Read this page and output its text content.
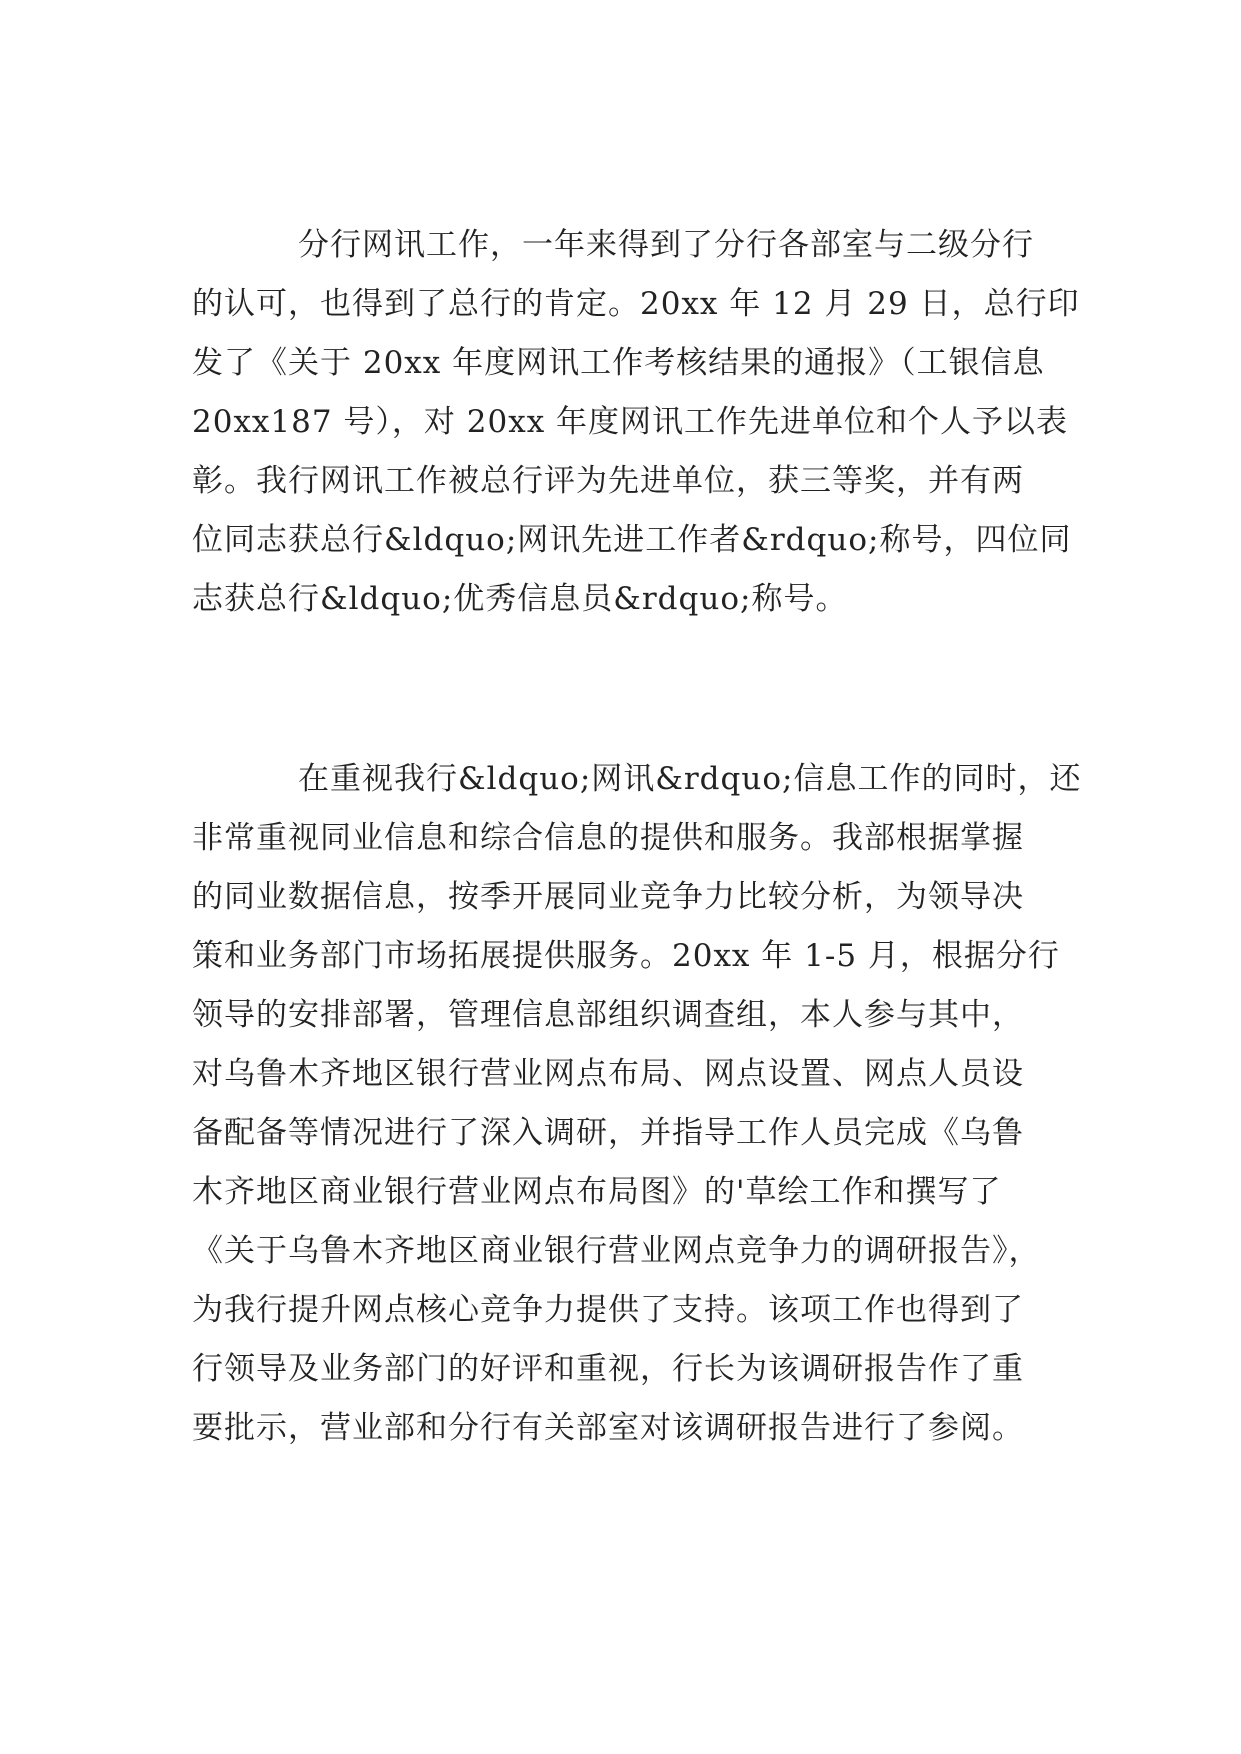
分行网讯工作，一年来得到了分行各部室与二级分行
的认可，也得到了总行的肯定。20xx 年 12 月 29 日，总行印
发了《关于 20xx 年度网讯工作考核结果的通报》（工银信息
20xx187 号），对 20xx 年度网讯工作先进单位和个人予以表
彰。我行网讯工作被总行评为先进单位，获三等奖，并有两
位同志获总行&ldquo;网讯先进工作者&rdquo;称号，四位同
志获总行&ldquo;优秀信息员&rdquo;称号。
在重视我行&ldquo;网讯&rdquo;信息工作的同时，还
非常重视同业信息和综合信息的提供和服务。我部根据掌握
的同业数据信息，按季开展同业竞争力比较分析，为领导决
策和业务部门市场拓展提供服务。20xx 年 1-5 月，根据分行
领导的安排部署，管理信息部组织调查组，本人参与其中，
对乌鲁木齐地区银行营业网点布局、网点设置、网点人员设
备配备等情况进行了深入调研，并指导工作人员完成《乌鲁
木齐地区商业银行营业网点布局图》的'草绘工作和撰写了
《关于乌鲁木齐地区商业银行营业网点竞争力的调研报告》，
为我行提升网点核心竞争力提供了支持。该项工作也得到了
行领导及业务部门的好评和重视，行长为该调研报告作了重
要批示，营业部和分行有关部室对该调研报告进行了参阅。
